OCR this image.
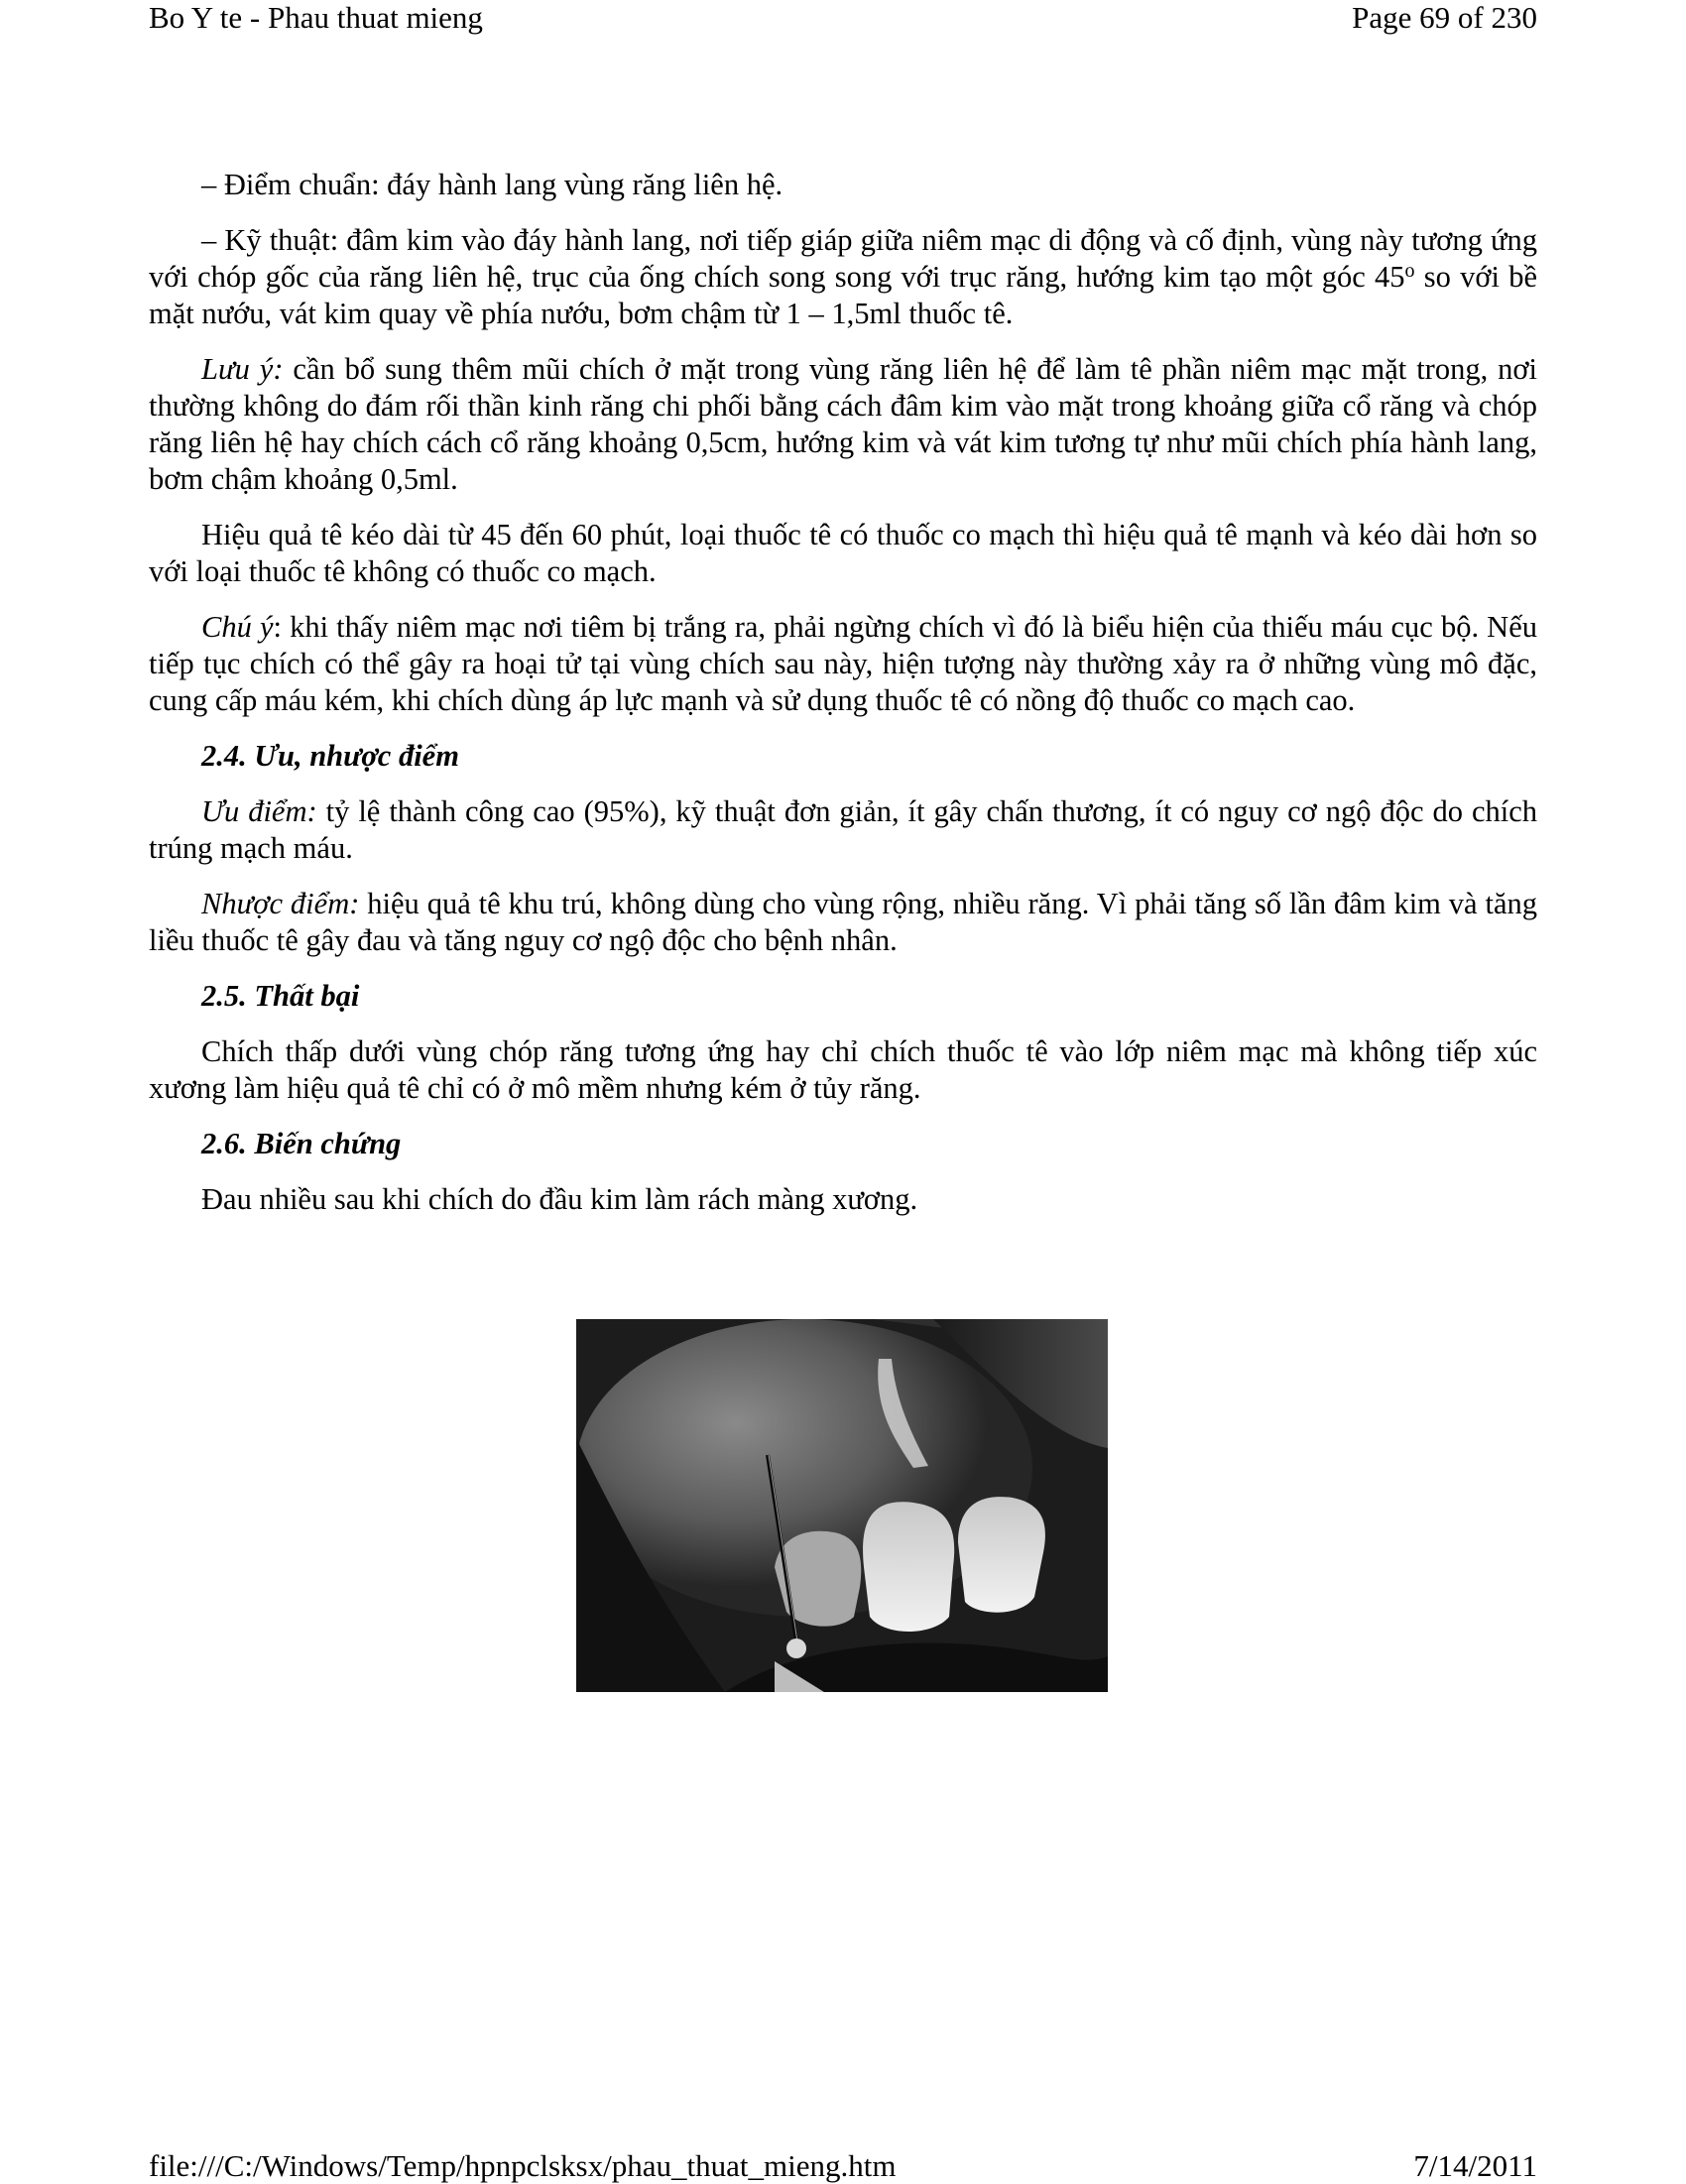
Bo Y te - Phau thuat mieng	Page 69 of 230

– Điểm chuẩn: đáy hành lang vùng răng liên hệ.

– Kỹ thuật: đâm kim vào đáy hành lang, nơi tiếp giáp giữa niêm mạc di động và cố định, vùng này tương ứng với chóp gốc của răng liên hệ, trục của ống chích song song với trục răng, hướng kim tạo một góc 45$^o$ so với bề mặt nướu, vát kim quay về phía nướu, bơm chậm từ 1 – 1,5ml thuốc tê.

Lưu ý: cần bổ sung thêm mũi chích ở mặt trong vùng răng liên hệ để làm tê phần niêm mạc mặt trong, nơi thường không do đám rối thần kinh răng chi phối bằng cách đâm kim vào mặt trong khoảng giữa cổ răng và chóp răng liên hệ hay chích cách cổ răng khoảng 0,5cm, hướng kim và vát kim tương tự như mũi chích phía hành lang, bơm chậm khoảng 0,5ml.

Hiệu quả tê kéo dài từ 45 đến 60 phút, loại thuốc tê có thuốc co mạch thì hiệu quả tê mạnh và kéo dài hơn so với loại thuốc tê không có thuốc co mạch.

Chú ý: khi thấy niêm mạc nơi tiêm bị trắng ra, phải ngừng chích vì đó là biểu hiện của thiếu máu cục bộ. Nếu tiếp tục chích có thể gây ra hoại tử tại vùng chích sau này, hiện tượng này thường xảy ra ở những vùng mô đặc, cung cấp máu kém, khi chích dùng áp lực mạnh và sử dụng thuốc tê có nồng độ thuốc co mạch cao.

2.4. Ưu, nhược điểm

Ưu điểm: tỷ lệ thành công cao (95%), kỹ thuật đơn giản, ít gây chấn thương, ít có nguy cơ ngộ độc do chích trúng mạch máu.

Nhược điểm: hiệu quả tê khu trú, không dùng cho vùng rộng, nhiều răng. Vì phải tăng số lần đâm kim và tăng liều thuốc tê gây đau và tăng nguy cơ ngộ độc cho bệnh nhân.

2.5. Thất bại

Chích thấp dưới vùng chóp răng tương ứng hay chỉ chích thuốc tê vào lớp niêm mạc mà không tiếp xúc xương làm hiệu quả tê chỉ có ở mô mềm nhưng kém ở tủy răng.

2.6. Biến chứng

Đau nhiều sau khi chích do đầu kim làm rách màng xương.

file:///C:/Windows/Temp/hpnpclsksx/phau_thuat_mieng.htm	7/14/2011
